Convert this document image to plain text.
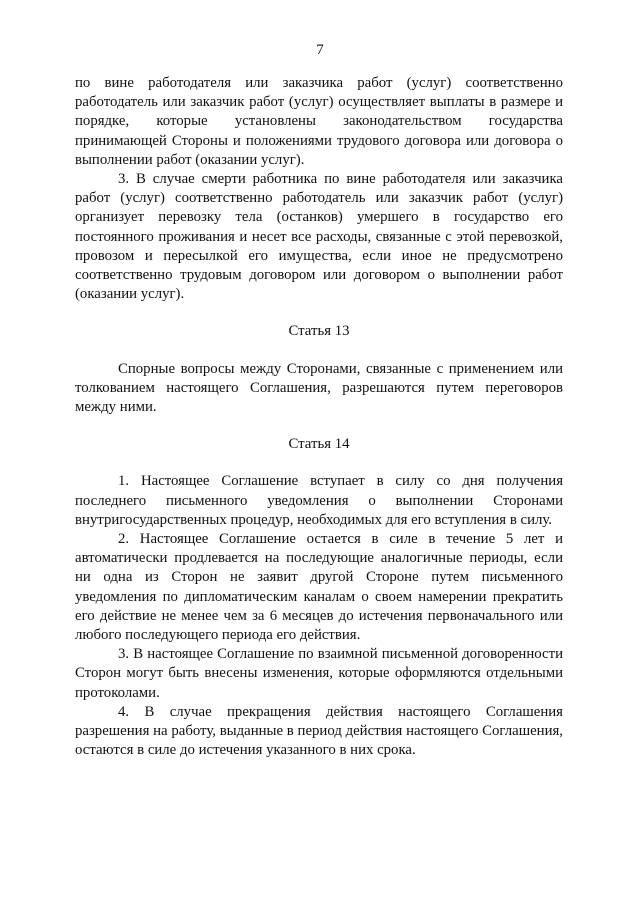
7

по вине работодателя или заказчика работ (услуг) соответственно работодатель или заказчик работ (услуг) осуществляет выплаты в размере и порядке, которые установлены законодательством государства принимающей Стороны и положениями трудового договора или договора о выполнении работ (оказании услуг).

3. В случае смерти работника по вине работодателя или заказчика работ (услуг) соответственно работодатель или заказчик работ (услуг) организует перевозку тела (останков) умершего в государство его постоянного проживания и несет все расходы, связанные с этой перевозкой, провозом и пересылкой его имущества, если иное не предусмотрено соответственно трудовым договором или договором о выполнении работ (оказании услуг).

Статья 13

Спорные вопросы между Сторонами, связанные с применением или толкованием настоящего Соглашения, разрешаются путем переговоров между ними.

Статья 14

1. Настоящее Соглашение вступает в силу со дня получения последнего письменного уведомления о выполнении Сторонами внутригосударственных процедур, необходимых для его вступления в силу.

2. Настоящее Соглашение остается в силе в течение 5 лет и автоматически продлевается на последующие аналогичные периоды, если ни одна из Сторон не заявит другой Стороне путем письменного уведомления по дипломатическим каналам о своем намерении прекратить его действие не менее чем за 6 месяцев до истечения первоначального или любого последующего периода его действия.

3. В настоящее Соглашение по взаимной письменной договоренности Сторон могут быть внесены изменения, которые оформляются отдельными протоколами.

4. В случае прекращения действия настоящего Соглашения разрешения на работу, выданные в период действия настоящего Соглашения, остаются в силе до истечения указанного в них срока.
